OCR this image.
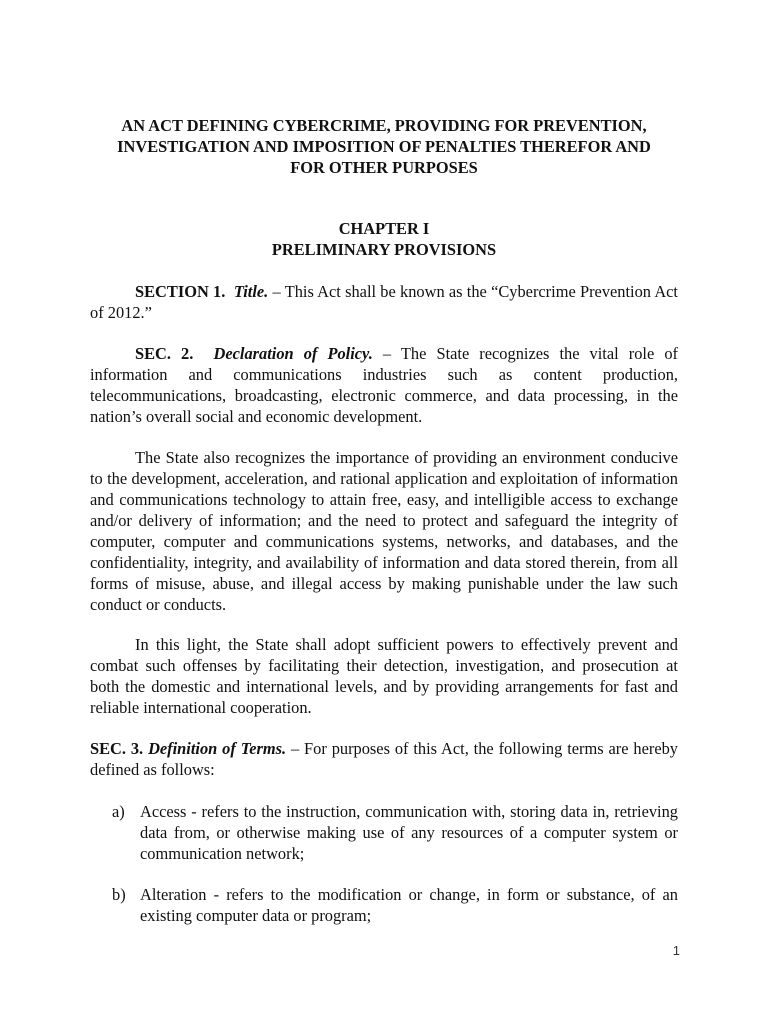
AN ACT DEFINING CYBERCRIME, PROVIDING FOR PREVENTION,
INVESTIGATION AND IMPOSITION OF PENALTIES THEREFOR AND
FOR OTHER PURPOSES
CHAPTER I
PRELIMINARY PROVISIONS

SECTION 1. Title. – This Act shall be known as the “Cybercrime Prevention Act of 2012.”

SEC. 2. Declaration of Policy. – The State recognizes the vital role of information and communications industries such as content production, telecommunications, broadcasting, electronic commerce, and data processing, in the nation’s overall social and economic development.

The State also recognizes the importance of providing an environment conducive to the development, acceleration, and rational application and exploitation of information and communications technology to attain free, easy, and intelligible access to exchange and/or delivery of information; and the need to protect and safeguard the integrity of computer, computer and communications systems, networks, and databases, and the confidentiality, integrity, and availability of information and data stored therein, from all forms of misuse, abuse, and illegal access by making punishable under the law such conduct or conducts.

In this light, the State shall adopt sufficient powers to effectively prevent and combat such offenses by facilitating their detection, investigation, and prosecution at both the domestic and international levels, and by providing arrangements for fast and reliable international cooperation.

SEC. 3. Definition of Terms. – For purposes of this Act, the following terms are hereby defined as follows:

a) Access - refers to the instruction, communication with, storing data in, retrieving data from, or otherwise making use of any resources of a computer system or communication network;
b) Alteration - refers to the modification or change, in form or substance, of an existing computer data or program;
1
